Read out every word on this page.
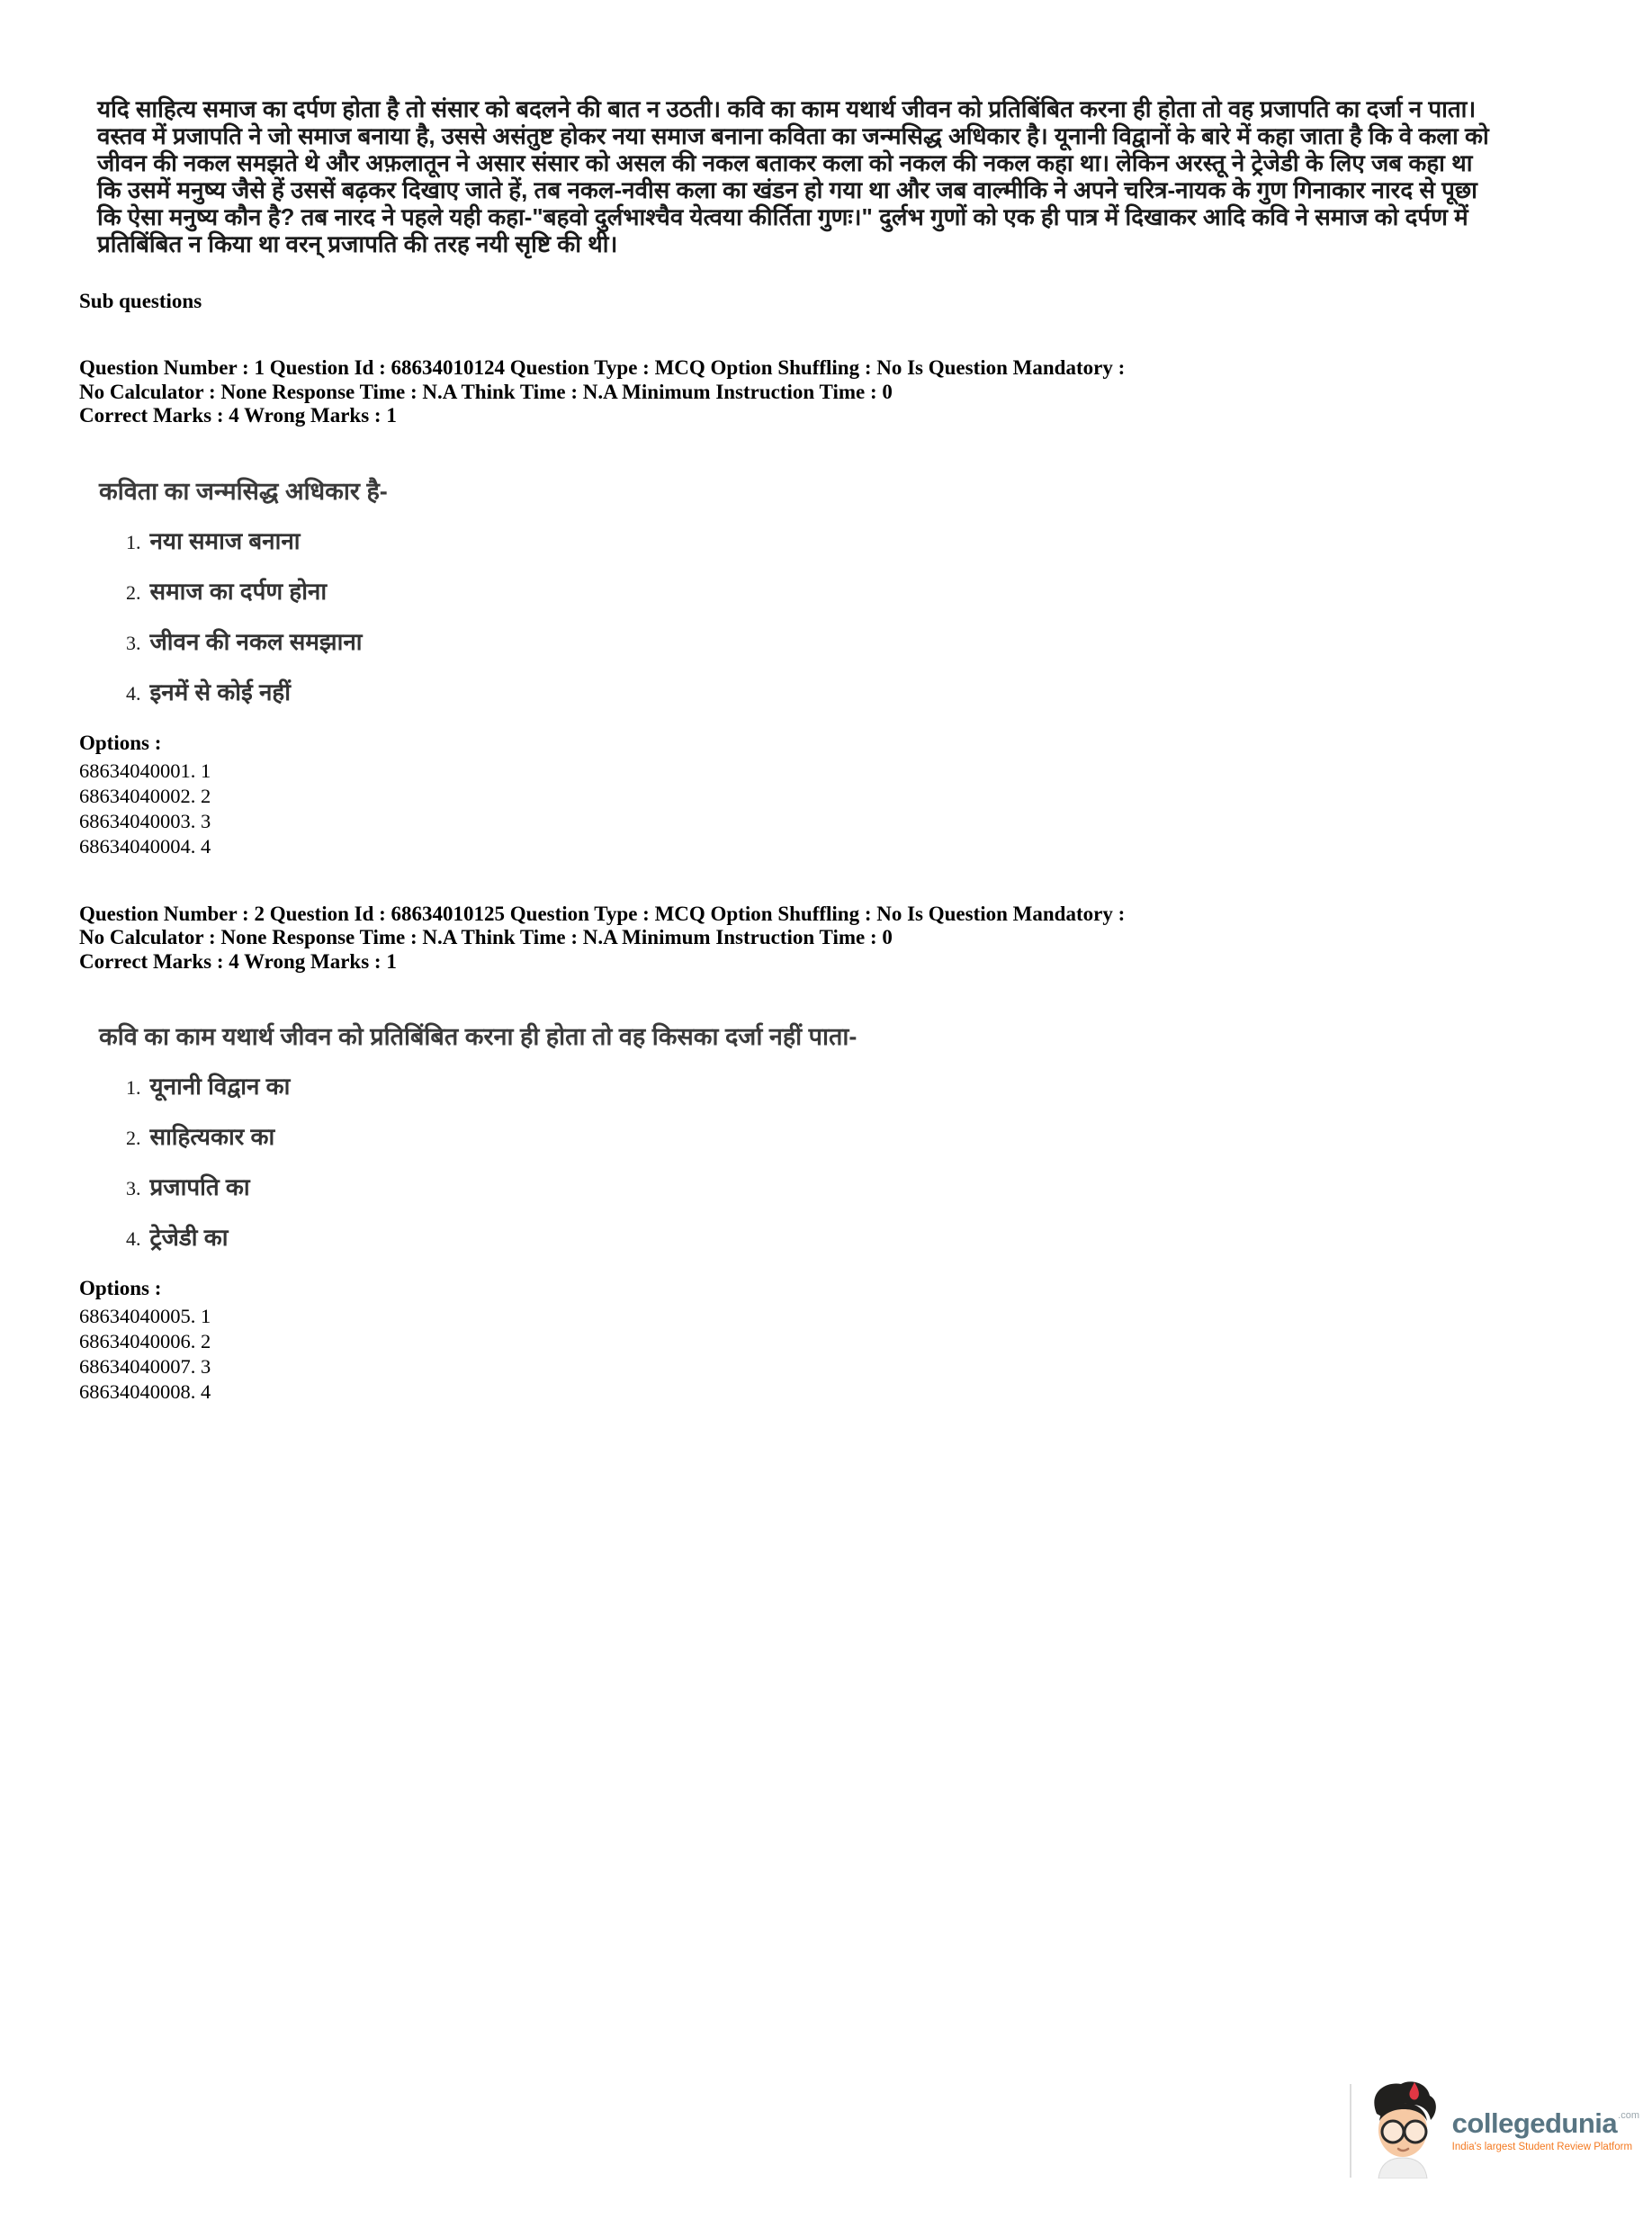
यदि साहित्य समाज का दर्पण होता है तो संसार को बदलने की बात न उठती। कवि का काम यथार्थ जीवन को प्रतिबिंबित करना ही होता तो वह प्रजापति का दर्जा न पाता। वस्तव में प्रजापति ने जो समाज बनाया है, उससे असंतुष्ट होकर नया समाज बनाना कविता का जन्मसिद्ध अधिकार है। यूनानी विद्वानों के बारे में कहा जाता है कि वे कला को जीवन की नकल समझते थे और अफ़लातून ने असार संसार को असल की नकल बताकर कला को नकल की नकल कहा था। लेकिन अरस्तू ने ट्रेजेडी के लिए जब कहा था कि उसमें मनुष्य जैसे हें उससें बढ़कर दिखाए जाते हें, तब नकल-नवीस कला का खंडन हो गया था और जब वाल्मीकि ने अपने चरित्र-नायक के गुण गिनाकार नारद से पूछा कि ऐसा मनुष्य कौन है? तब नारद ने पहले यही कहा-"बहवो दुर्लभाश्चैव येत्वया कीर्तिता गुणः।" दुर्लभ गुणों को एक ही पात्र में दिखाकर आदि कवि ने समाज को दर्पण में प्रतिबिंबित न किया था वरन् प्रजापति की तरह नयी सृष्टि की थी।
Sub questions
Question Number : 1 Question Id : 68634010124 Question Type : MCQ Option Shuffling : No Is Question Mandatory :
No Calculator : None Response Time : N.A Think Time : N.A Minimum Instruction Time : 0
Correct Marks : 4 Wrong Marks : 1
कविता का जन्मसिद्ध अधिकार है-
1. नया समाज बनाना
2. समाज का दर्पण होना
3. जीवन की नकल समझाना
4. इनमें से कोई नहीं
Options :
68634040001. 1
68634040002. 2
68634040003. 3
68634040004. 4
Question Number : 2 Question Id : 68634010125 Question Type : MCQ Option Shuffling : No Is Question Mandatory :
No Calculator : None Response Time : N.A Think Time : N.A Minimum Instruction Time : 0
Correct Marks : 4 Wrong Marks : 1
कवि का काम यथार्थ जीवन को प्रतिबिंबित करना ही होता तो वह किसका दर्जा नहीं पाता-
1. यूनानी विद्वान का
2. साहित्यकार का
3. प्रजापति का
4. ट्रेजेडी का
Options :
68634040005. 1
68634040006. 2
68634040007. 3
68634040008. 4
collegedunia .com
India's largest Student Review Platform
